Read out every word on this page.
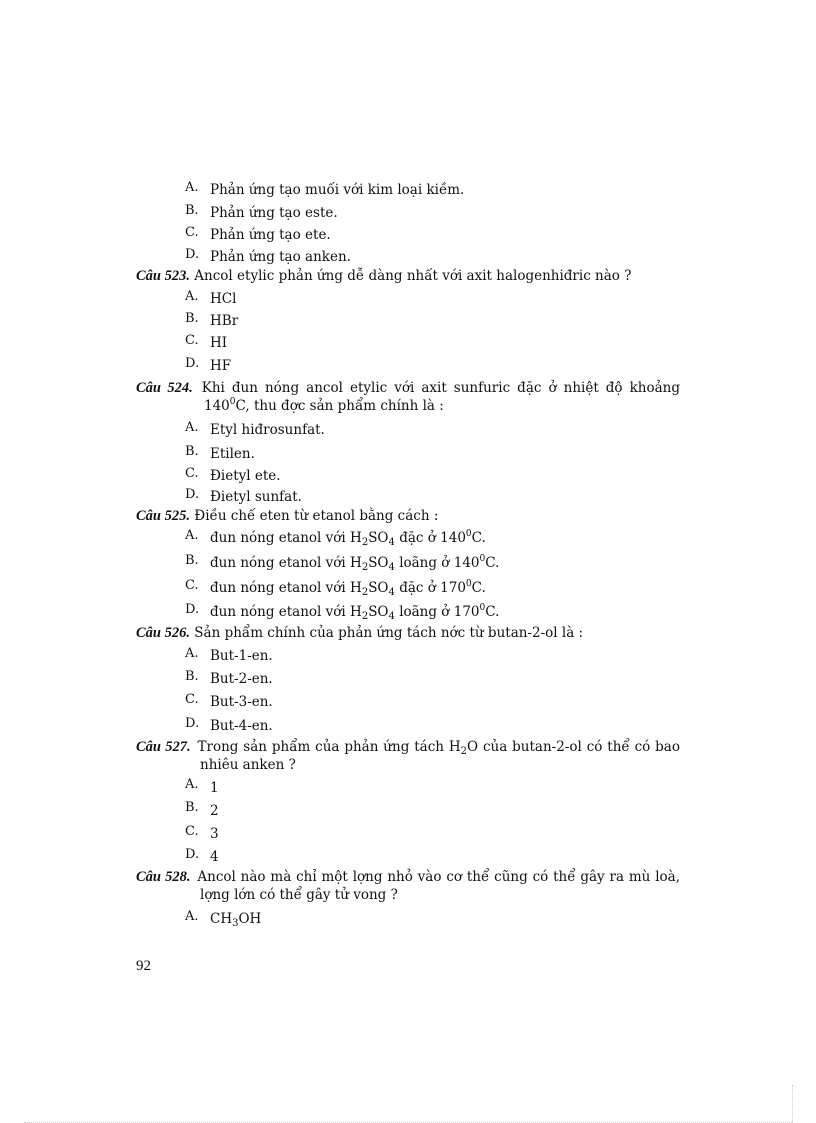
A. Phản ứng tạo muối với kim loại kiềm.
B. Phản ứng tạo este.
C. Phản ứng tạo ete.
D. Phản ứng tạo anken.
Câu 523. Ancol etylic phản ứng dễ dàng nhất với axit halogenhiđric nào ?
A. HCl
B. HBr
C. HI
D. HF
Câu 524. Khi đun nóng ancol etylic với axit sunfuric đặc ở nhiệt độ khoảng
$140^0C$, thu đợc sản phẩm chính là :
A. Etyl hiđrosunfat.
B. Etilen.
C. Đietyl ete.
D. Đietyl sunfat.
Câu 525. Điều chế eten từ etanol bằng cách :
A. đun nóng etanol với $H_2SO_4$ đặc ở $140^0C$.
B. đun nóng etanol với $H_2SO_4$ loãng ở $140^0C$.
C. đun nóng etanol với $H_2SO_4$ đặc ở $170^0C$.
D. đun nóng etanol với $H_2SO_4$ loãng ở $170^0C$.
Câu 526. Sản phẩm chính của phản ứng tách nớc từ butan-2-ol là :
A. But-1-en.
B. But-2-en.
C. But-3-en.
D. But-4-en.
Câu 527. Trong sản phẩm của phản ứng tách $H_2O$ của butan-2-ol có thể có bao
nhiêu anken ?
A. 1
B. 2
C. 3
D. 4
Câu 528. Ancol nào mà chỉ một lợng nhỏ vào cơ thể cũng có thể gây ra mù loà,
lợng lớn có thể gây tử vong ?
A. $CH_3OH$
92
